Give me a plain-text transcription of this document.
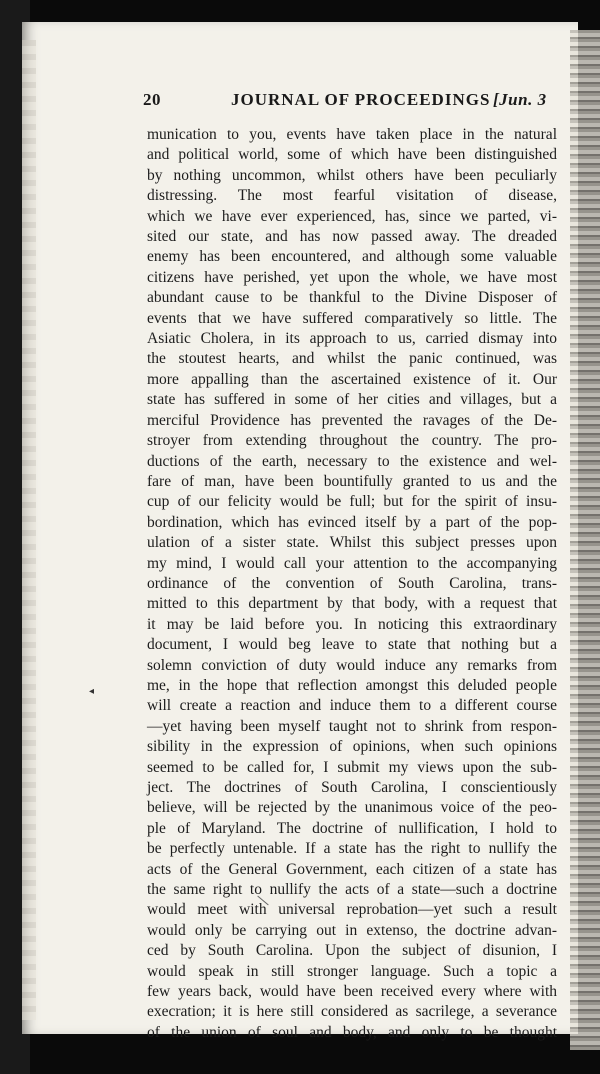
20	JOURNAL OF PROCEEDINGS [Jun. 3
munication to you, events have taken place in the natural
and political world, some of which have been distinguished
by nothing uncommon, whilst others have been peculiarly
distressing. The most fearful visitation of disease,
which we have ever experienced, has, since we parted, vi-
sited our state, and has now passed away. The dreaded
enemy has been encountered, and although some valuable
citizens have perished, yet upon the whole, we have most
abundant cause to be thankful to the Divine Disposer of
events that we have suffered comparatively so little. The
Asiatic Cholera, in its approach to us, carried dismay into
the stoutest hearts, and whilst the panic continued, was
more appalling than the ascertained existence of it. Our
state has suffered in some of her cities and villages, but a
merciful Providence has prevented the ravages of the De-
stroyer from extending throughout the country. The pro-
ductions of the earth, necessary to the existence and wel-
fare of man, have been bountifully granted to us and the
cup of our felicity would be full; but for the spirit of insu-
bordination, which has evinced itself by a part of the pop-
ulation of a sister state. Whilst this subject presses upon
my mind, I would call your attention to the accompanying
ordinance of the convention of South Carolina, trans-
mitted to this department by that body, with a request that
it may be laid before you. In noticing this extraordinary
document, I would beg leave to state that nothing but a
solemn conviction of duty would induce any remarks from
me, in the hope that reflection amongst this deluded people
will create a reaction and induce them to a different course
—yet having been myself taught not to shrink from respon-
sibility in the expression of opinions, when such opinions
seemed to be called for, I submit my views upon the sub-
ject. The doctrines of South Carolina, I conscientiously
believe, will be rejected by the unanimous voice of the peo-
ple of Maryland. The doctrine of nullification, I hold to
be perfectly untenable. If a state has the right to nullify the
acts of the General Government, each citizen of a state has
the same right to nullify the acts of a state—such a doctrine
would meet with universal reprobation—yet such a result
would only be carrying out in extenso, the doctrine advan-
ced by South Carolina. Upon the subject of disunion, I
would speak in still stronger language. Such a topic a
few years back, would have been received every where with
execration; it is here still considered as sacrilege, a severance
of the union of soul and body, and only to be thought
◂
